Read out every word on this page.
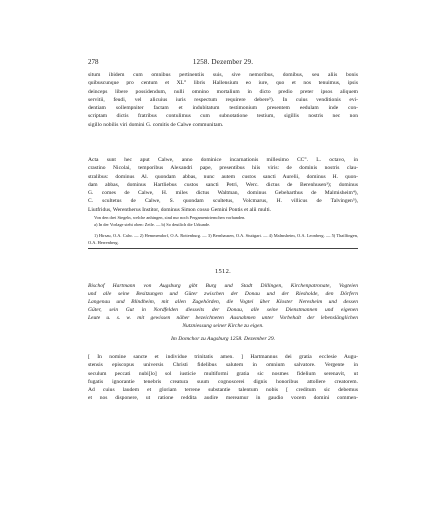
278	1258. Dezember 29.
situm ibidem cum omnibus pertinentiis suis, sive nemoribus, domibus, seu aliis bonis
quibuscunque pro centum et XL° libris Hallensium eo iure, quo et nos tenuimus, ipsis
deinceps libere possidendum, nulli omnino mortalium in dicto predio preter ipsos aliquem
servitii, feudi, vel alicuius iuris respectum requirere debere⁵). In cuius venditionis evi-
dentiam sollempniter factam et indubitatum testimonium presentem eedulam inde con-
scriptam dictis fratribus contulimus cum subnotatione testium, sigillis nostris nec non
sigillo nobilis viri domini G. comitis de Calwe communitam.
Acta sunt hec aput Calwe, anno dominice incarnationis millesimo CC°. L. octavo, in
crastino Nicolai, temporibus Alexandri pape, presentibus hiis viris: de dominis nostris clau-
stralibus: dominus Al. quondam abbas, nunc autem custos sancti Aurelii, dominus H. quon-
dam abbas, dominus Hartliebus custos sancti Petri, Werc. dictus de Berenhusen³); dominus
G. comes de Calwe, H. miles dictus Waltman, dominus Gebeharthus de Malmisheim⁴),
C. scultetus de Calwe, S. quondam scultetus, Volcmarus, H. villicus de Talvingen⁵),
Liutfridus, Werentherus Institor, dominus Simon cosso Gemini Pontis et alii multi.
Von den drei Siegeln, welche anhingen, sind nur noch Pergamentriemchen vorhanden.
a) In der Vorlage steht oben: Zeile. — b) So deutlich die Urkunde.
1) Hirsau, O.A. Calw. — 2) Hemmendorf, O.A. Rottenburg. — 3) Bernhausen, O.A. Stuttgart. — 4) Malmsheim, O.A. Leonberg. — 5) Thailfingen, O.A. Herrenberg.
1512.
Bischof Hartmann von Augsburg gibt Burg und Stadt Dillingen, Kirchenpatronate, Vogteien
und alle seine Besitzungen und Güter zwischen der Donau und der Riesholde, den Dörfern
Langenau und Blindheim, mit allen Zugehörden, die Vogtei über Kloster Neresheim und dessen
Güter, sein Gut in Nordfelden diesseits der Donau, alle seine Dienstmannen und eigenen
Leute u. s. w. mit gewissen näher bezeichneten Ausnahmen unter Vorbehalt der lebenslänglichen
Nutzniessung seiner Kirche zu eigen.
Im Domchor zu Augsburg 1258. Dezember 29.
[ In nomine sancte et individue trinitatis amen. ] Hartmannus dei gratia ecclesie Augu-
stensis episcopus universis Christi fidelibus salutem in omnium salvatore. Vergente in
seculum peccati nubi[lo] sol iusticie multiformi gratia sic nosmes fidelium serenavit, ut
fugatis ignorantie tenebris creatura suum cognoscerei dignis honoribus attollere creatorem.
Ad cuius laudem et gloriam terrene substantie talentum nobis [ creditum sic debemus
et nos disponere, ut ratione reddita audire mereamur in gaudio vocem domini commen-
